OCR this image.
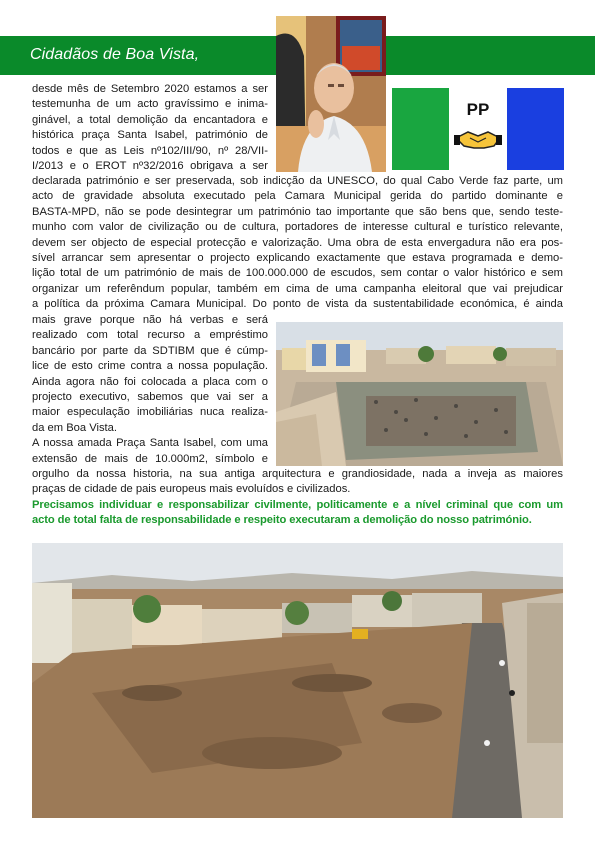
Cidadãos de Boa Vista,
PP
desde mês de Setembro 2020 estamos a ser
testemunha de um acto gravíssimo e inima-
ginável, a total demolição da encantadora e
histórica praça Santa Isabel, património de
todos e que as Leis nº102/III/90, nº 28/VII-
I/2013 e o EROT nº32/2016 obrigava a ser
declarada património e ser preservada, sob indicção da UNESCO, do qual Cabo Verde faz parte, um
acto de gravidade absoluta executado pela Camara Municipal gerida do partido dominante e
BASTA-MPD, não se pode desintegrar um património tao importante que são bens que, sendo teste-
munho com valor de civilização ou de cultura, portadores de interesse cultural e turístico relevante,
devem ser objecto de especial protecção e valorização. Uma obra de esta envergadura não era pos-
sível arrancar sem apresentar o projecto explicando exactamente que estava programada e demo-
lição total de um património de mais de 100.000.000 de escudos, sem contar o valor histórico e sem
organizar um referêndum popular, também em cima de uma campanha eleitoral que vai prejudicar
a política da próxima Camara Municipal. Do ponto de vista da sustentabilidade económica, é ainda
mais grave porque não há verbas e será
realizado com total recurso a empréstimo
bancário por parte da SDTIBM que é cúmp-
lice de esto crime contra a nossa população.
Ainda agora não foi colocada a placa com o
projecto executivo, sabemos que vai ser a
maior especulação imobiliárias nuca realiza-
da em Boa Vista.
A nossa amada Praça Santa Isabel, com uma
extensão de mais de 10.000m2, símbolo e
orgulho da nossa historia, na sua antiga arquitectura e grandiosidade, nada a inveja as maiores
praças de cidade de pais europeus mais evoluídos e civilizados.
Precisamos individuar e responsabilizar civilmente, politicamente e a nível criminal que com um
acto de total falta de responsabilidade e respeito executaram a demolição do nosso património.
